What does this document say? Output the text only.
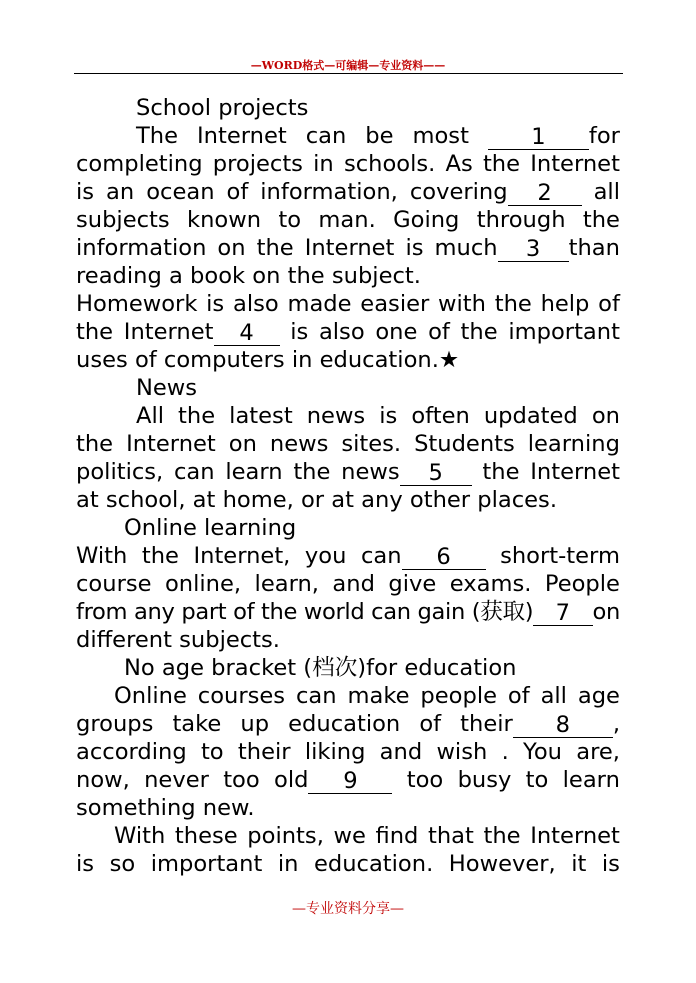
—WORD格式—可编辑—专业资料——
School projects
The Internet can be most	1	for
completing projects in schools. As the Internet
is an ocean of information, covering	2	all
subjects known to man. Going through the
information on the Internet is much	3	than
reading a book on the subject.
Homework is also made easier with the help of
the Internet	4	is also one of the important
uses of computers in education.★
News
All the latest news is often updated on
the Internet on news sites. Students learning
politics, can learn the news	5	the Internet
at school, at home, or at any other places.
Online learning
With the Internet, you can	6	short-term
course online, learn, and give exams. People
from any part of the world can gain (获取) 7 on
different subjects.
No age bracket (档次)for education
Online courses can make people of all age
groups take up education of their	8	,
according to their liking and wish . You are,
now, never too old	9	too busy to learn
something new.
With these points, we find that the Internet
is so important in education. However, it is
—专业资料分享—
